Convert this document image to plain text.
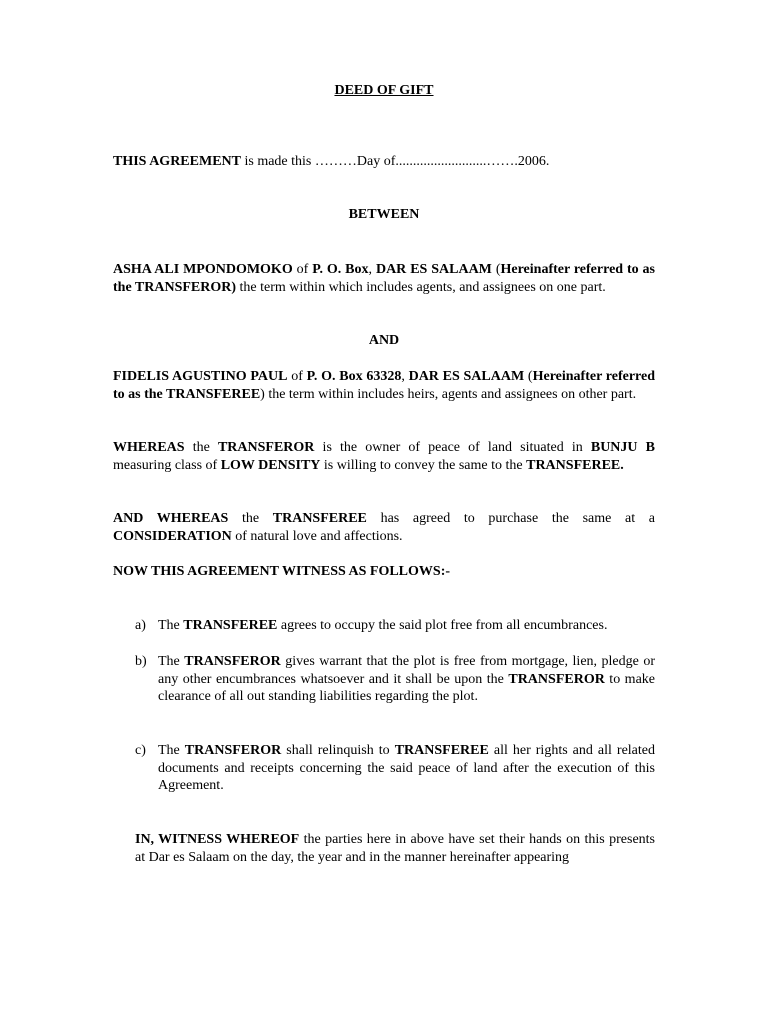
DEED OF GIFT
THIS AGREEMENT is made this ………Day of..........................…….2006.
BETWEEN
ASHA ALI MPONDOMOKO of P. O. Box, DAR ES SALAAM (Hereinafter referred to as the TRANSFEROR) the term within which includes agents, and assignees on one part.
AND
FIDELIS AGUSTINO PAUL of P. O. Box 63328, DAR ES SALAAM (Hereinafter referred to as the TRANSFEREE) the term within includes heirs, agents and assignees on other part.
WHEREAS the TRANSFEROR is the owner of peace of land situated in BUNJU B measuring class of LOW DENSITY is willing to convey the same to the TRANSFEREE.
AND WHEREAS the TRANSFEREE has agreed to purchase the same at a CONSIDERATION of natural love and affections.
NOW THIS AGREEMENT WITNESS AS FOLLOWS:-
a) The TRANSFEREE agrees to occupy the said plot free from all encumbrances.
b) The TRANSFEROR gives warrant that the plot is free from mortgage, lien, pledge or any other encumbrances whatsoever and it shall be upon the TRANSFEROR to make clearance of all out standing liabilities regarding the plot.
c) The TRANSFEROR shall relinquish to TRANSFEREE all her rights and all related documents and receipts concerning the said peace of land after the execution of this Agreement.
IN, WITNESS WHEREOF the parties here in above have set their hands on this presents at Dar es Salaam on the day, the year and in the manner hereinafter appearing
